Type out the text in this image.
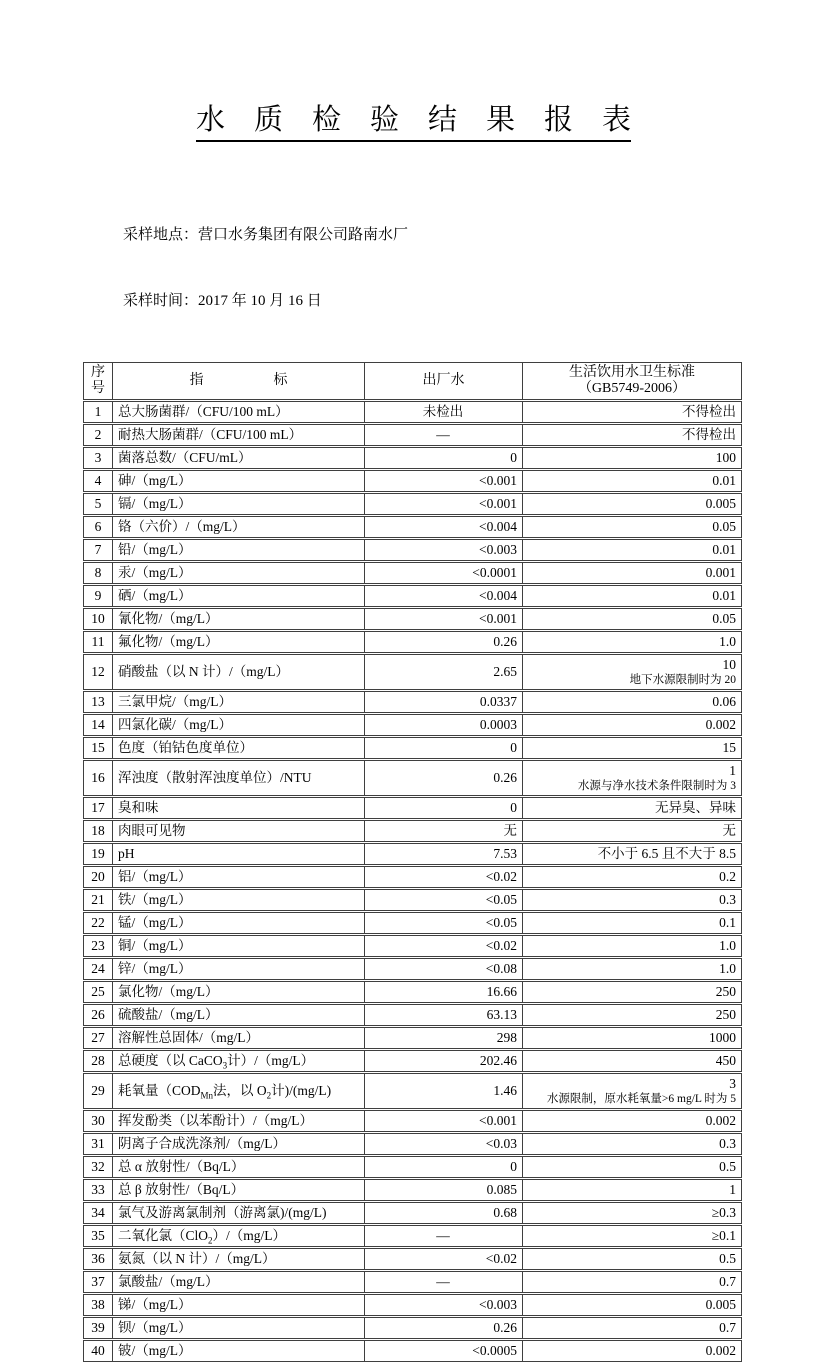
水　质　检　验　结　果　报　表

采样地点：营口水务集团有限公司路南水厂

采样时间：2017 年 10 月 16 日

序号	指　　　　　标	出厂水	生活饮用水卫生标准
（GB5749-2006）
1	总大肠菌群/（CFU/100 mL）	未检出	不得检出
2	耐热大肠菌群/（CFU/100 mL）	—	不得检出
3	菌落总数/（CFU/mL）	0	100
4	砷/（mg/L）	<0.001	0.01
5	镉/（mg/L）	<0.001	0.005
6	铬（六价）/（mg/L）	<0.004	0.05
7	铅/（mg/L）	<0.003	0.01
8	汞/（mg/L）	<0.0001	0.001
9	硒/（mg/L）	<0.004	0.01
10	氰化物/（mg/L）	<0.001	0.05
11	氟化物/（mg/L）	0.26	1.0
12	硝酸盐（以 N 计）/（mg/L）	2.65	10
地下水源限制时为 20

13	三氯甲烷/（mg/L）	0.0337	0.06
14	四氯化碳/（mg/L）	0.0003	0.002
15	色度（铂钴色度单位）	0	15
16	浑浊度（散射浑浊度单位）/NTU	0.26	1
水源与净水技术条件限制时为 3

17	臭和味	0	无异臭、异味
18	肉眼可见物	无	无
19	pH	7.53	不小于 6.5 且不大于 8.5
20	铝/（mg/L）	<0.02	0.2
21	铁/（mg/L）	<0.05	0.3
22	锰/（mg/L）	<0.05	0.1
23	铜/（mg/L）	<0.02	1.0
24	锌/（mg/L）	<0.08	1.0
25	氯化物/（mg/L）	16.66	250
26	硫酸盐/（mg/L）	63.13	250
27	溶解性总固体/（mg/L）	298	1000
28	总硬度（以 CaCO$_3$计）/（mg/L）	202.46	450
29	耗氧量（$COD_{Mn}$法，以 $O_2$计)/(mg/L)	1.46	3
水源限制，原水耗氧量>6 mg/L 时为 5

30	挥发酚类（以苯酚计）/（mg/L）	<0.001	0.002
31	阴离子合成洗涤剂/（mg/L）	<0.03	0.3
32	总 α 放射性/（Bq/L）	0	0.5
33	总 β 放射性/（Bq/L）	0.085	1
34	氯气及游离氯制剂（游离氯)/(mg/L)	0.68	≥0.3
35	二氧化氯（ClO$_2$）/（mg/L）	—	≥0.1
36	氨氮（以 N 计）/（mg/L）	<0.02	0.5
37	氯酸盐/（mg/L）	—	0.7
38	锑/（mg/L）	<0.003	0.005
39	钡/（mg/L）	0.26	0.7
40	铍/（mg/L）	<0.0005	0.002
